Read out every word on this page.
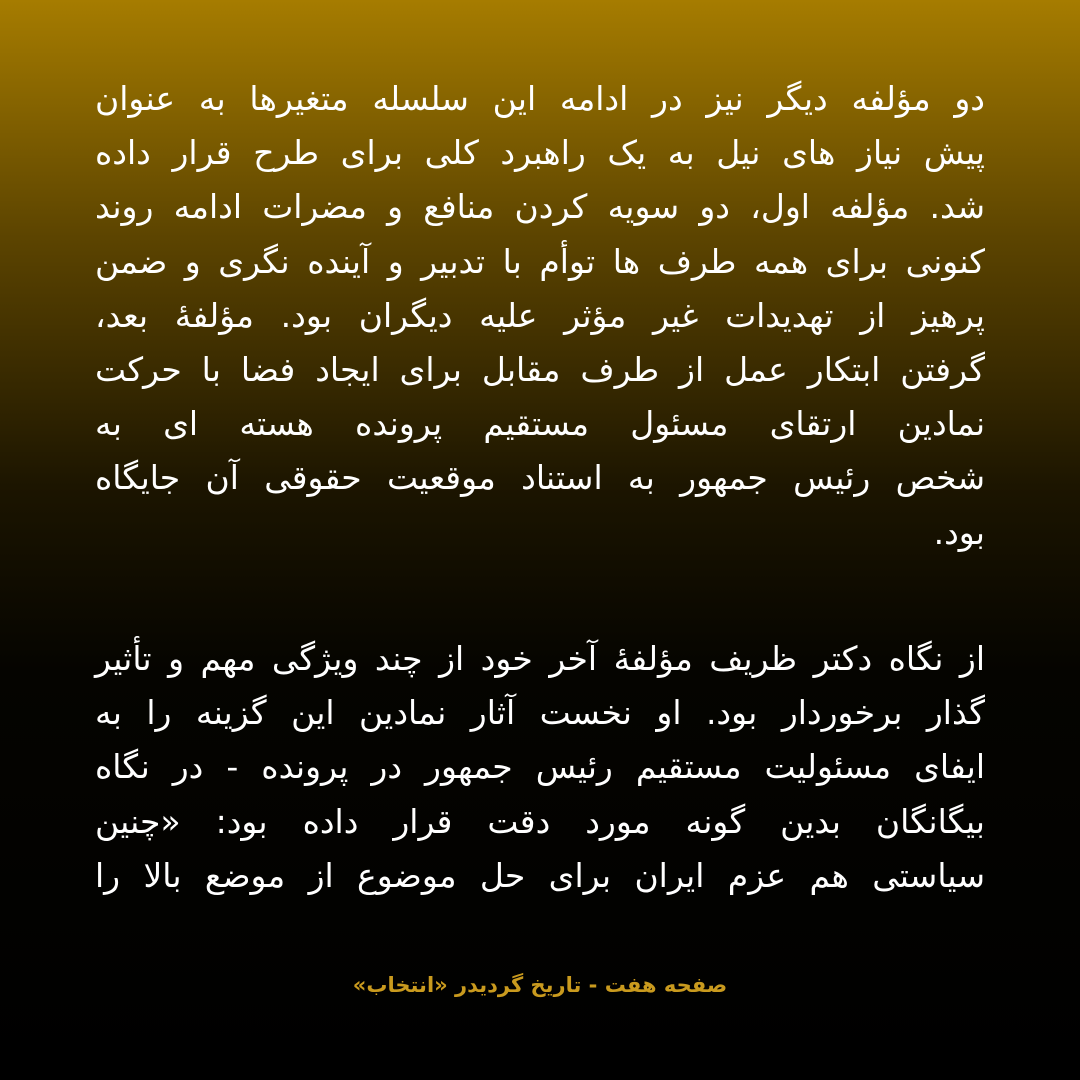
دو مؤلفه دیگر نیز در ادامه این سلسله متغیرها به عنوان
پیش نیاز های نیل به یک راهبرد کلی برای طرح قرار داده
شد. مؤلفه اول، دو سویه کردن منافع و مضرات ادامه روند
کنونی برای همه طرف ها توأم با تدبیر و آینده نگری و ضمن
پرهیز از تهدیدات غیر مؤثر علیه دیگران بود. مؤلفۀ بعد،
گرفتن ابتکار عمل از طرف مقابل برای ایجاد فضا با حرکت
نمادین ارتقای مسئول مستقیم پرونده هسته ای به
شخص رئیس جمهور به استناد موقعیت حقوقی آن جایگاه
بود.
از نگاه دکتر ظریف مؤلفۀ آخر خود از چند ویژگی مهم و تأثیر
گذار برخوردار بود. او نخست آثار نمادین این گزینه را به
ایفای مسئولیت مستقیم رئیس جمهور در پرونده - در نگاه
بیگانگان بدین گونه مورد دقت قرار داده بود: «چنین
سیاستی هم عزم ایران برای حل موضوع از موضع بالا را
صفحه هفت - تاریخ گردیدر «انتخاب»
